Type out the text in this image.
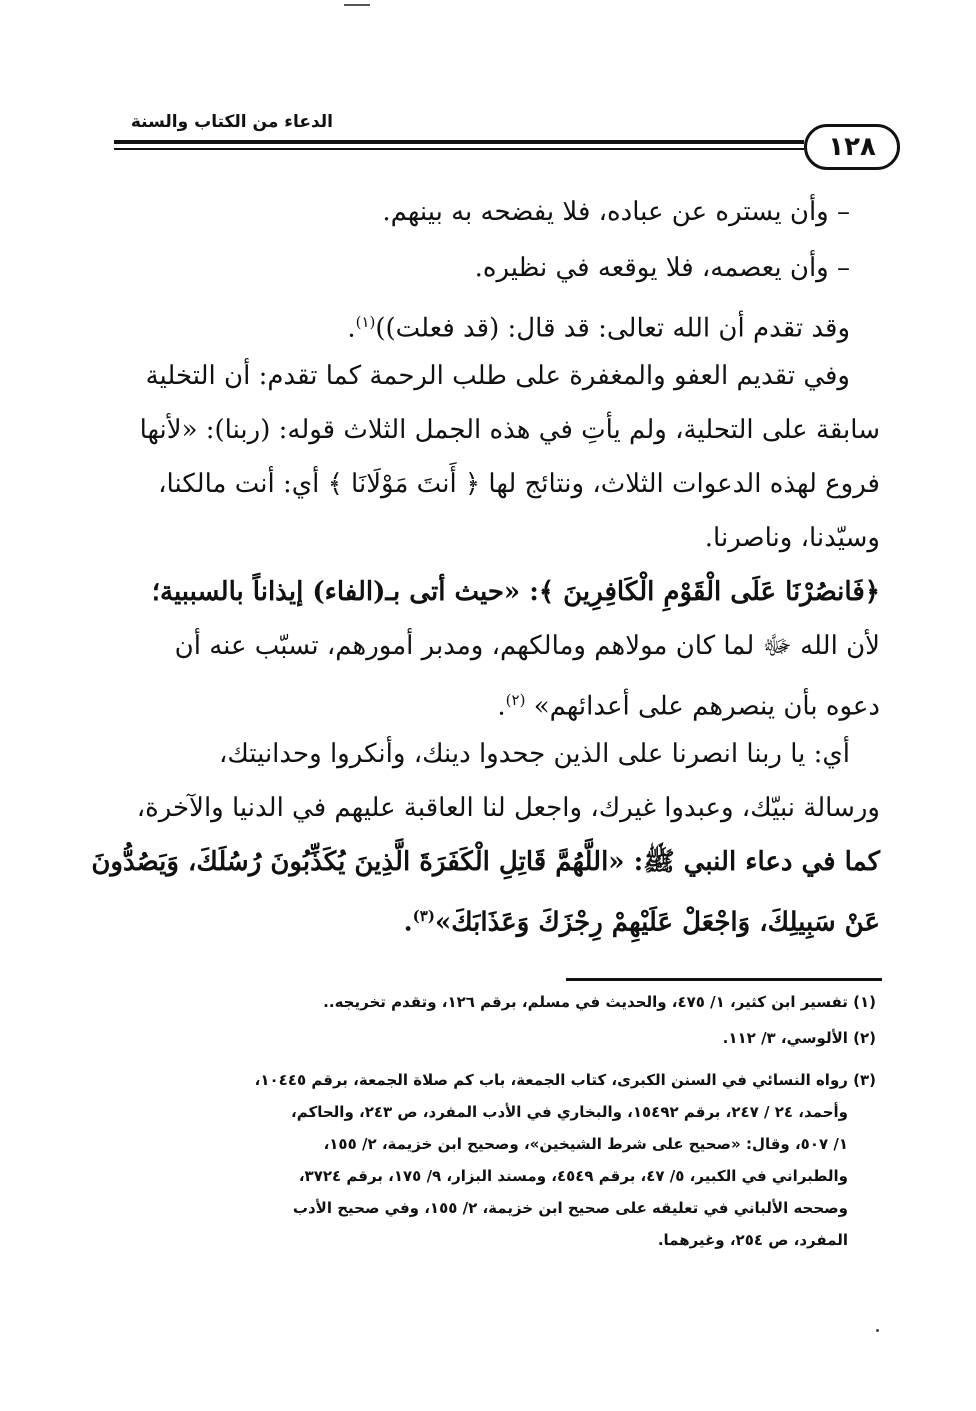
الدعاء من الكتاب والسنة
١٢٨
– وأن يستره عن عباده، فلا يفضحه به بينهم.
– وأن يعصمه، فلا يوقعه في نظيره.
وقد تقدم أن الله تعالى: قد قال: (قد فعلت))$^{(١)}$.
وفي تقديم العفو والمغفرة على طلب الرحمة كما تقدم: أن التخلية
سابقة على التحلية، ولم يأتِ في هذه الجمل الثلاث قوله: (ربنا): «لأنها
فروع لهذه الدعوات الثلاث، ونتائج لها ﴿ أَنتَ مَوْلَانَا ﴾ أي: أنت مالكنا،
وسيّدنا، وناصرنا.
﴿فَانصُرْنَا عَلَى الْقَوْمِ الْكَافِرِينَ ﴾: «حيث أتى بـ(الفاء) إيذاناً بالسببية؛
لأن الله ﷻ لما كان مولاهم ومالكهم، ومدبر أمورهم، تسبّب عنه أن
دعوه بأن ينصرهم على أعدائهم» $^{(٢)}$.
أي: يا ربنا انصرنا على الذين جحدوا دينك، وأنكروا وحدانيتك،
ورسالة نبيّك، وعبدوا غيرك، واجعل لنا العاقبة عليهم في الدنيا والآخرة،
كما في دعاء النبي ﷺ: «اللَّهُمَّ قَاتِلِ الْكَفَرَةَ الَّذِينَ يُكَذِّبُونَ رُسُلَكَ، وَيَصُدُّونَ
عَنْ سَبِيلِكَ، وَاجْعَلْ عَلَيْهِمْ رِجْزَكَ وَعَذَابَكَ»$^{(٣)}$.
(١) تفسير ابن كثير، ١/ ٤٧٥، والحديث في مسلم، برقم ١٢٦، وتقدم تخريجه..
(٢) الألوسي، ٣/ ١١٢.
(٣) رواه النسائي في السنن الكبرى، كتاب الجمعة، باب كم صلاة الجمعة، برقم ١٠٤٤٥،
وأحمد، ٢٤ / ٢٤٧، برقم ١٥٤٩٢، والبخاري في الأدب المفرد، ص ٢٤٣، والحاكم،
١/ ٥٠٧، وقال: «صحيح على شرط الشيخين»، وصحيح ابن خزيمة، ٢/ ١٥٥،
والطبراني في الكبير، ٥/ ٤٧، برقم ٤٥٤٩، ومسند البزار، ٩/ ١٧٥، برقم ٣٧٢٤،
وصححه الألباني في تعليقه على صحيح ابن خزيمة، ٢/ ١٥٥، وفي صحيح الأدب
المفرد، ص ٢٥٤، وغيرهما.
